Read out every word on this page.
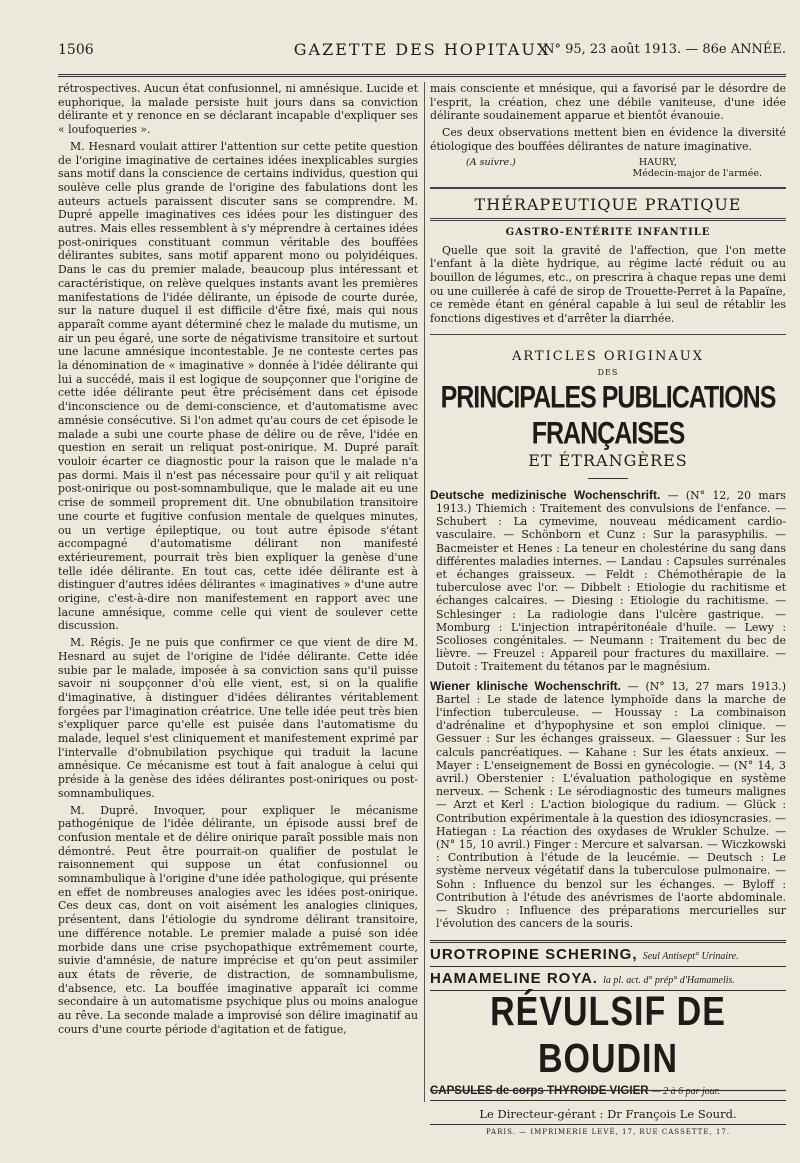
1506	GAZETTE DES HOPITAUX
N° 95, 23 août 1913. — 86e ANNÉE.

rétrospectives. Aucun état confusionnel, ni amnésique. Lucide et euphorique, la malade persiste huit jours dans sa conviction délirante et y renonce en se déclarant incapable d'expliquer ses « loufoqueries ».

M. Hesnard voulait attirer l'attention sur cette petite question de l'origine imaginative de certaines idées inexplicables surgies sans motif dans la conscience de certains individus, question qui soulève celle plus grande de l'origine des fabulations dont les auteurs actuels paraissent discuter sans se comprendre. M. Dupré appelle imaginatives ces idées pour les distinguer des autres. Mais elles ressemblent à s'y méprendre à certaines idées post-oniriques constituant commun véritable des bouffées délirantes subites, sans motif apparent mono ou polyidéiques. Dans le cas du premier malade, beaucoup plus intéressant et caractéristique, on relève quelques instants avant les premières manifestations de l'idée délirante, un épisode de courte durée, sur la nature duquel il est difficile d'être fixé, mais qui nous apparaît comme ayant déterminé chez le malade du mutisme, un air un peu égaré, une sorte de négativisme transitoire et surtout une lacune amnésique incontestable. Je ne conteste certes pas la dénomination de « imaginative » donnée à l'idée délirante qui lui a succédé, mais il est logique de soupçonner que l'origine de cette idée délirante peut être précisément dans cet épisode d'inconscience ou de demi-conscience, et d'automatisme avec amnésie consécutive. Si l'on admet qu'au cours de cet épisode le malade a subi une courte phase de délire ou de rêve, l'idée en question en serait un reliquat post-onirique. M. Dupré paraît vouloir écarter ce diagnostic pour la raison que le malade n'a pas dormi. Mais il n'est pas nécessaire pour qu'il y ait reliquat post-onirique ou post-somnambulique, que le malade ait eu une crise de sommeil proprement dit. Une obnubilation transitoire une courte et fugitive confusion mentale de quelques minutes, ou un vertige épileptique, ou tout autre épisode s'étant accompagné d'automatisme délirant non manifesté extérieurement, pourrait très bien expliquer la genèse d'une telle idée délirante. En tout cas, cette idée délirante est à distinguer d'autres idées délirantes « imaginatives » d'une autre origine, c'est-à-dire non manifestement en rapport avec une lacune amnésique, comme celle qui vient de soulever cette discussion.

M. Régis. Je ne puis que confirmer ce que vient de dire M. Hesnard au sujet de l'origine de l'idée délirante. Cette idée subie par le malade, imposée à sa conviction sans qu'il puisse savoir ni soupçonner d'où elle vient, est, si on la qualifie d'imaginative, à distinguer d'idées délirantes véritablement forgées par l'imagination créatrice. Une telle idée peut très bien s'expliquer parce qu'elle est puisée dans l'automatisme du malade, lequel s'est cliniquement et manifestement exprimé par l'intervalle d'obnubilation psychique qui traduit la lacune amnésique. Ce mécanisme est tout à fait analogue à celui qui préside à la genèse des idées délirantes post-oniriques ou post-somnambuliques.

M. Dupré. Invoquer, pour expliquer le mécanisme pathogénique de l'idée délirante, un épisode aussi bref de confusion mentale et de délire onirique paraît possible mais non démontré. Peut être pourrait-on qualifier de postulat le raisonnement qui suppose un état confusionnel ou somnambulique à l'origine d'une idée pathologique, qui présente en effet de nombreuses analogies avec les idées post-onirique. Ces deux cas, dont on voit aisément les analogies cliniques, présentent, dans l'étiologie du syndrome délirant transitoire, une différence notable. Le premier malade a puisé son idée morbide dans une crise psychopathique extrêmement courte, suivie d'amnésie, de nature imprécise et qu'on peut assimiler aux états de rêverie, de distraction, de somnambulisme, d'absence, etc. La bouffée imaginative apparaît ici comme secondaire à un automatisme psychique plus ou moins analogue au rêve. La seconde malade a improvisé son délire imaginatif au cours d'une courte période d'agitation et de fatigue,

mais consciente et mnésique, qui a favorisé par le désordre de l'esprit, la création, chez une débile vaniteuse, d'une idée délirante soudainement apparue et bientôt évanouie.

Ces deux observations mettent bien en évidence la diversité étiologique des bouffées délirantes de nature imaginative.

(A suivre.)	HAURY,
Médecin-major de l'armée.
THÉRAPEUTIQUE PRATIQUE
GASTRO-ENTÉRITE INFANTILE

Quelle que soit la gravité de l'affection, que l'on mette l'enfant à la diète hydrique, au régime lacté réduit ou au bouillon de légumes, etc., on prescrira à chaque repas une demi ou une cuillerée à café de sirop de Trouette-Perret à la Papaïne, ce remède étant en général capable à lui seul de rétablir les fonctions digestives et d'arrêter la diarrhée.

ARTICLES ORIGINAUX
DES
PRINCIPALES PUBLICATIONS FRANÇAISES
ET ÉTRANGÈRES
Deutsche medizinische Wochenschrift. — (N° 12, 20 mars 1913.) Thiemich : Traitement des convulsions de l'enfance. — Schubert : La cymevime, nouveau médicament cardio-vasculaire. — Schönborn et Cunz : Sur la parasyphilis. — Bacmeister et Henes : La teneur en cholestérine du sang dans différentes maladies internes. — Landau : Capsules surrénales et échanges graisseux. — Feldt : Chémothérapie de la tuberculose avec l'or. — Dibbelt : Etiologie du rachitisme et échanges calcaires. — Diesing : Etiologie du rachitisme. — Schlesinger : La radiologie dans l'ulcère gastrique. — Momburg : L'injection intrapéritonéale d'huile. — Lewy : Scolioses congénitales. — Neumann : Traitement du bec de lièvre. — Freuzel : Appareil pour fractures du maxillaire. — Dutoit : Traitement du tétanos par le magnésium.
Wiener klinische Wochenschrift. — (N° 13, 27 mars 1913.) Bartel : Le stade de latence lymphoïde dans la marche de l'infection tuberculeuse. — Houssay : La combinaison d'adrénaline et d'hypophysine et son emploi clinique. — Gessuer : Sur les échanges graisseux. — Glaessuer : Sur les calculs pancréatiques. — Kahane : Sur les états anxieux. — Mayer : L'enseignement de Bossi en gynécologie. — (N° 14, 3 avril.) Oberstenier : L'évaluation pathologique en système nerveux. — Schenk : Le sérodiagnostic des tumeurs malignes — Arzt et Kerl : L'action biologique du radium. — Glück : Contribution expérimentale à la question des idiosyncrasies. — Hatiegan : La réaction des oxydases de Wrukler Schulze. — (N° 15, 10 avril.) Finger : Mercure et salvarsan. — Wiczkowski : Contribution à l'étude de la leucémie. — Deutsch : Le système nerveux végétatif dans la tuberculose pulmonaire. — Sohn : Influence du benzol sur les échanges. — Byloff : Contribution à l'étude des anévrismes de l'aorte abdominale. — Skudro : Influence des préparations mercurielles sur l'évolution des cancers de la souris.
UROTROPINE SCHERING, Seul Antisept° Urinaire.
HAMAMELINE ROYA. la pl. act. d° prép° d'Hamamelis.
RÉVULSIF DE BOUDIN
CAPSULES de corps THYROIDE VIGIER — 2 à 6 par jour.
Le Directeur-gérant : Dr François Le Sourd.
PARIS. — IMPRIMERIE LEVÉ, 17, RUE CASSETTE, 17.
